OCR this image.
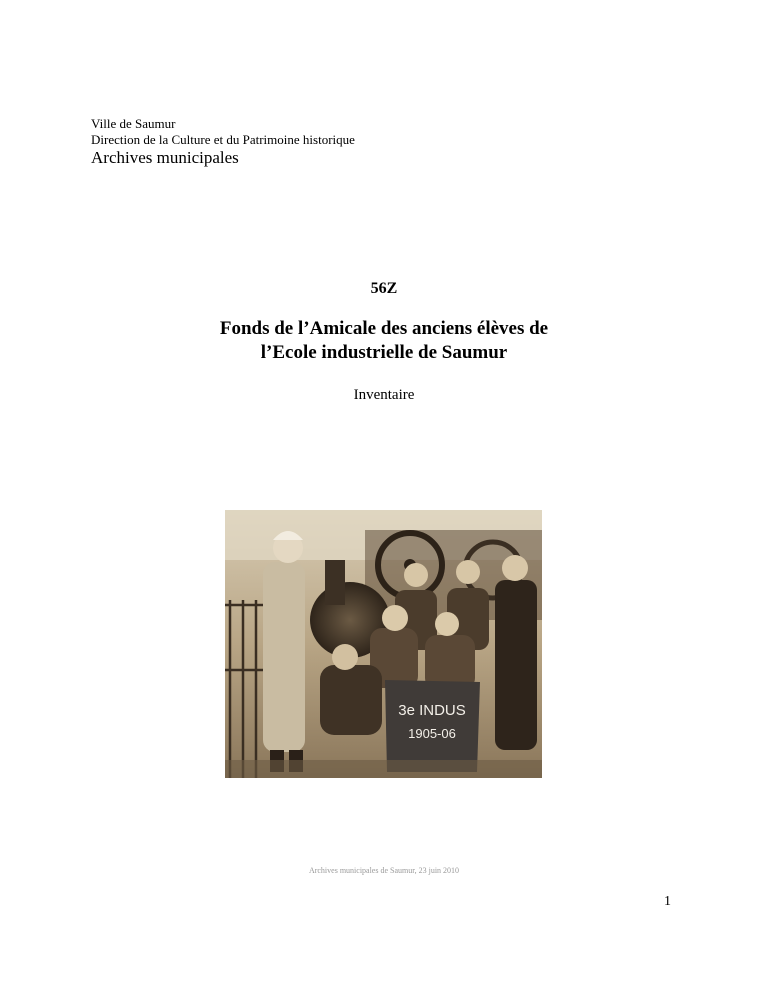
Ville de Saumur
Direction de la Culture et du Patrimoine historique
Archives municipales
56Z
Fonds de l’Amicale des anciens élèves de
l’Ecole industrielle de Saumur
Inventaire
3e INDUS
1905-06
Archives municipales de Saumur, 23 juin 2010
1
